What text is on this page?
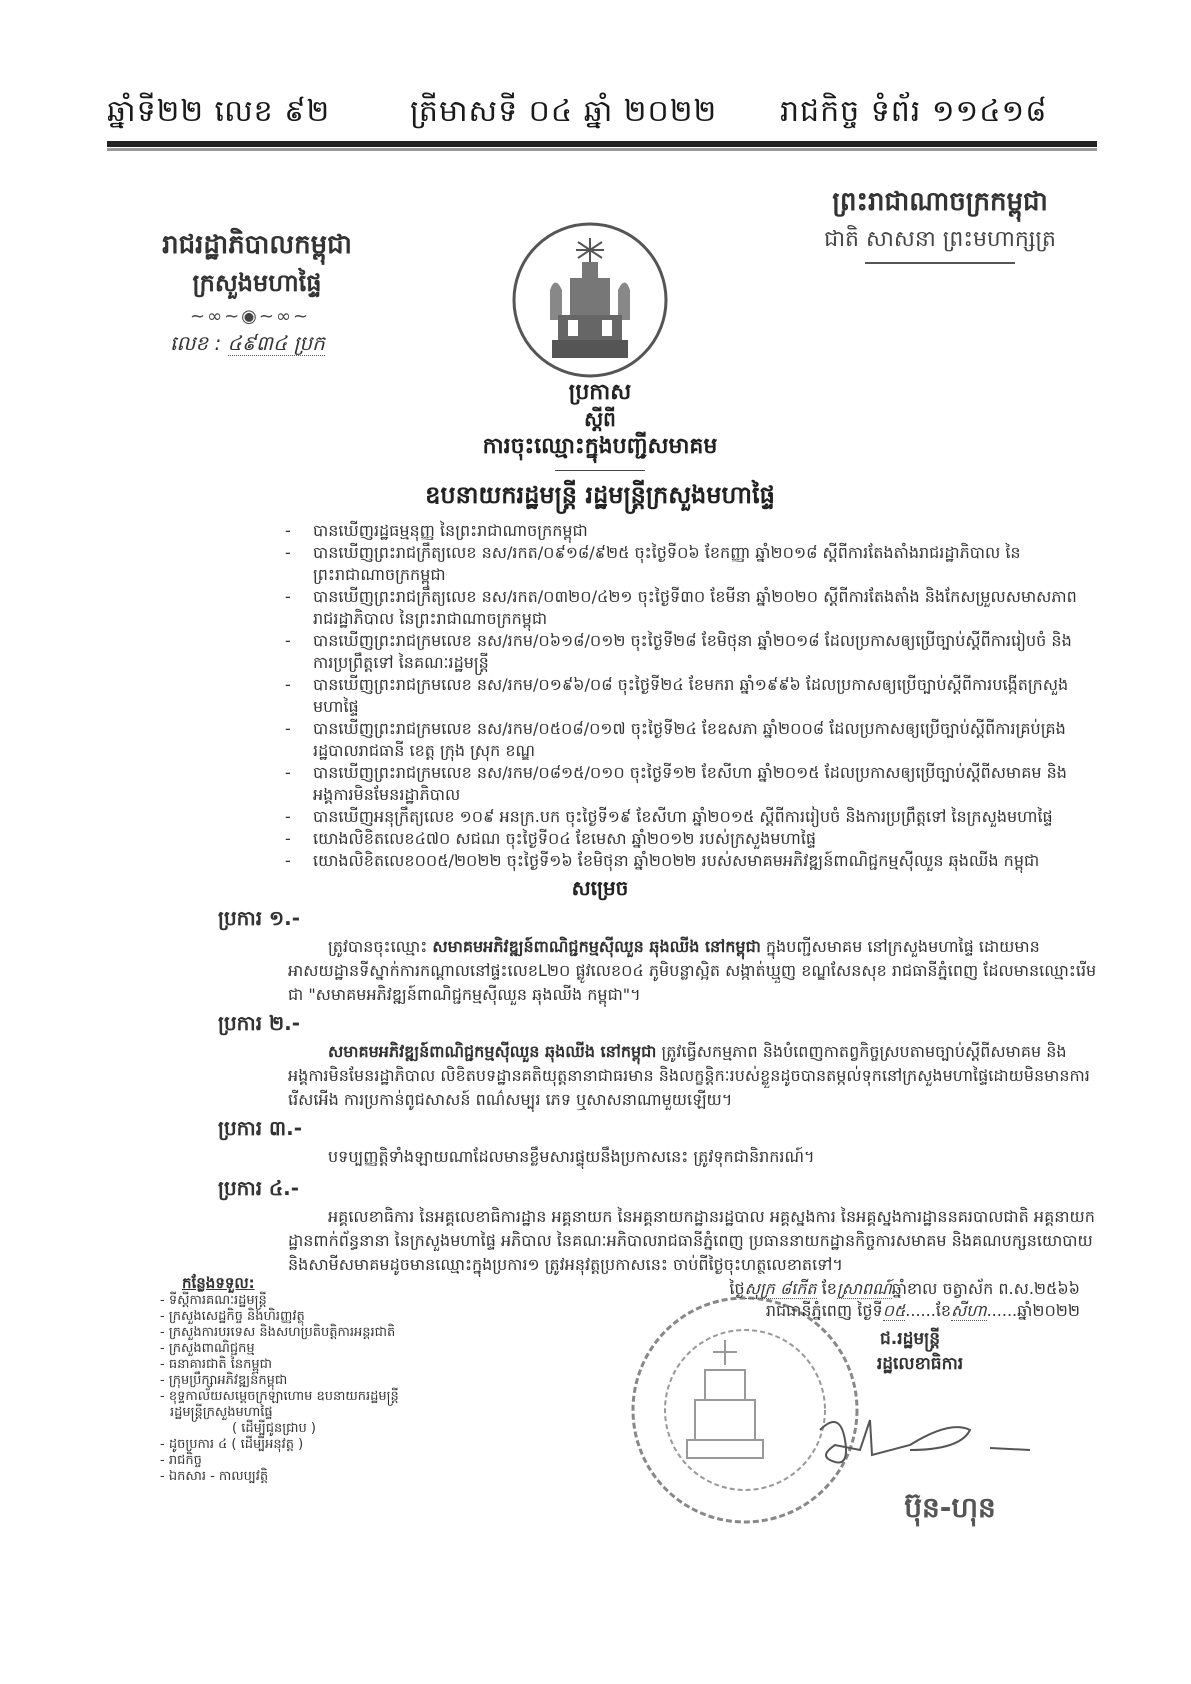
ឆ្នាំទី២២ លេខ ៩២	ត្រីមាសទី ០៤ ឆ្នាំ ២០២២ រាជកិច្ច ទំព័រ ១១៤១៨
រាជរដ្ឋាភិបាលកម្ពុជា
ក្រសួងមហាផ្ទៃ
~∞~◉~∞~
លេខ : ៤៩៣៤ ប្រក
ព្រះរាជាណាចក្រកម្ពុជា
ជាតិ សាសនា ព្រះមហាក្សត្រ
ប្រកាស
ស្តីពី
ការចុះឈ្មោះក្នុងបញ្ជីសមាគម
ឧបនាយករដ្ឋមន្ត្រី រដ្ឋមន្ត្រីក្រសួងមហាផ្ទៃ
-	បានឃើញរដ្ឋធម្មនុញ្ញ នៃព្រះរាជាណាចក្រកម្ពុជា
-	បានឃើញព្រះរាជក្រឹត្យលេខ នស/រកត/០៩១៨/៩២៥ ចុះថ្ងៃទី០៦ ខែកញ្ញា ឆ្នាំ២០១៨ ស្តីពីការតែងតាំងរាជរដ្ឋាភិបាល នៃព្រះរាជាណាចក្រកម្ពុជា
-	បានឃើញព្រះរាជក្រឹត្យលេខ នស/រកត/០៣២០/៤២១ ចុះថ្ងៃទី៣០ ខែមីនា ឆ្នាំ២០២០ ស្តីពីការតែងតាំង និងកែសម្រួលសមាសភាពរាជរដ្ឋាភិបាល នៃព្រះរាជាណាចក្រកម្ពុជា
-	បានឃើញព្រះរាជក្រមលេខ នស/រកម/០៦១៨/០១២ ចុះថ្ងៃទី២៨ ខែមិថុនា ឆ្នាំ២០១៨ ដែលប្រកាសឲ្យប្រើច្បាប់ស្តីពីការរៀបចំ និងការប្រព្រឹត្តទៅ នៃគណៈរដ្ឋមន្ត្រី
-	បានឃើញព្រះរាជក្រមលេខ នស/រកម/០១៩៦/០៨ ចុះថ្ងៃទី២៤ ខែមករា ឆ្នាំ១៩៩៦ ដែលប្រកាសឲ្យប្រើច្បាប់ស្តីពីការបង្កើតក្រសួងមហាផ្ទៃ
-	បានឃើញព្រះរាជក្រមលេខ នស/រកម/០៥០៨/០១៧ ចុះថ្ងៃទី២៤ ខែឧសភា ឆ្នាំ២០០៨ ដែលប្រកាសឲ្យប្រើច្បាប់ស្តីពីការគ្រប់គ្រងរដ្ឋបាលរាជធានី ខេត្ត ក្រុង ស្រុក ខណ្ឌ
-	បានឃើញព្រះរាជក្រមលេខ នស/រកម/០៨១៥/០១០ ចុះថ្ងៃទី១២ ខែសីហា ឆ្នាំ២០១៥ ដែលប្រកាសឲ្យប្រើច្បាប់ស្តីពីសមាគម និងអង្គការមិនមែនរដ្ឋាភិបាល
-	បានឃើញអនុក្រឹត្យលេខ ១០៩ អនក្រ.បក ចុះថ្ងៃទី១៩ ខែសីហា ឆ្នាំ២០១៥ ស្តីពីការរៀបចំ និងការប្រព្រឹត្តទៅ នៃក្រសួងមហាផ្ទៃ
-	យោងលិខិតលេខ៤៧០ សជណ ចុះថ្ងៃទី០៤ ខែមេសា ឆ្នាំ២០១២ របស់ក្រសួងមហាផ្ទៃ
-	យោងលិខិតលេខ០០៥/២០២២ ចុះថ្ងៃទី១៦ ខែមិថុនា ឆ្នាំ២០២២ របស់សមាគមអភិវឌ្ឍន៍ពាណិជ្ជកម្មស៊ីឈួន ឆុងឈីង កម្ពុជា
សម្រេច
ប្រការ ១.-
ត្រូវបានចុះឈ្មោះ សមាគមអភិវឌ្ឍន៍ពាណិជ្ជកម្មស៊ីឈួន ឆុងឈីង នៅកម្ពុជា ក្នុងបញ្ជីសមាគម នៅក្រសួងមហាផ្ទៃ ដោយមានអាសយដ្ឋានទីស្នាក់ការកណ្តាលនៅផ្ទះលេខL២០ ផ្លូវលេខ០៤ ភូមិបន្លាស្អិត សង្កាត់ឃ្មួញ ខណ្ឌសែនសុខ រាជធានីភ្នំពេញ ដែលមានឈ្មោះរើមជា "សមាគមអភិវឌ្ឍន៍ពាណិជ្ជកម្មស៊ីឈួន ឆុងឈីង កម្ពុជា"។
ប្រការ ២.-
សមាគមអភិវឌ្ឍន៍ពាណិជ្ជកម្មស៊ីឈួន ឆុងឈីង នៅកម្ពុជា ត្រូវធ្វើសកម្មភាព និងបំពេញកាតព្វកិច្ចស្របតាមច្បាប់ស្តីពីសមាគម និងអង្គការមិនមែនរដ្ឋាភិបាល លិខិតបទដ្ឋានគតិយុត្តនានាជាធរមាន និងលក្ខន្តិកៈរបស់ខ្លួនដូចបានតម្កល់ទុកនៅក្រសួងមហាផ្ទៃដោយមិនមានការរើសអើង ការប្រកាន់ពូជសាសន៍ ពណ៌សម្បុរ ភេទ ឬសាសនាណាមួយឡើយ។
ប្រការ ៣.-
បទប្បញ្ញត្តិទាំងឡាយណាដែលមានខ្លឹមសារផ្ទុយនឹងប្រកាសនេះ ត្រូវទុកជានិរាករណ៍។
ប្រការ ៤.-
អគ្គលេខាធិការ នៃអគ្គលេខាធិការដ្ឋាន អគ្គនាយក នៃអគ្គនាយកដ្ឋានរដ្ឋបាល អគ្គស្នងការ នៃអគ្គស្នងការដ្ឋាននគរបាលជាតិ អគ្គនាយកដ្ឋានពាក់ព័ន្ធនានា នៃក្រសួងមហាផ្ទៃ អភិបាល នៃគណៈអភិបាលរាជធានីភ្នំពេញ ប្រធាននាយកដ្ឋានកិច្ចការសមាគម និងគណបក្សនយោបាយ និងសាមីសមាគមដូចមានឈ្មោះក្នុងប្រការ១ ត្រូវអនុវត្តប្រកាសនេះ ចាប់ពីថ្ងៃចុះហត្ថលេខាតទៅ។
កន្លែងទទួល:
- ទីស្តីការគណៈរដ្ឋមន្ត្រី
- ក្រសួងសេដ្ឋកិច្ច និងហិរញ្ញវត្ថុ
- ក្រសួងការបរទេស និងសហប្រតិបត្តិការអន្តរជាតិ
- ក្រសួងពាណិជ្ជកម្ម
- ធនាគារជាតិ នៃកម្ពុជា
- ក្រុមប្រឹក្សាអភិវឌ្ឍន៍កម្ពុជា
- ខុទ្ទកាល័យសម្តេចក្រឡាហោម ឧបនាយករដ្ឋមន្ត្រី
រដ្ឋមន្ត្រីក្រសួងមហាផ្ទៃ
( ដើម្បីជូនជ្រាប )
- ដូចប្រការ ៤ ( ដើម្បីអនុវត្ត )
- រាជកិច្ច
- ឯកសារ - កាលប្បវត្តិ
ថ្ងៃសុក្រ ៨កើត ខែស្រាពណ៍ឆ្នាំខាល ចត្វាស័ក ព.ស.២៥៦៦
រាជធានីភ្នំពេញ ថ្ងៃទី០៥......ខែសីហា......ឆ្នាំ២០២២
ជ.រដ្ឋមន្ត្រី
រដ្ឋលេខាធិការ
ប៊ុន-ហុន
